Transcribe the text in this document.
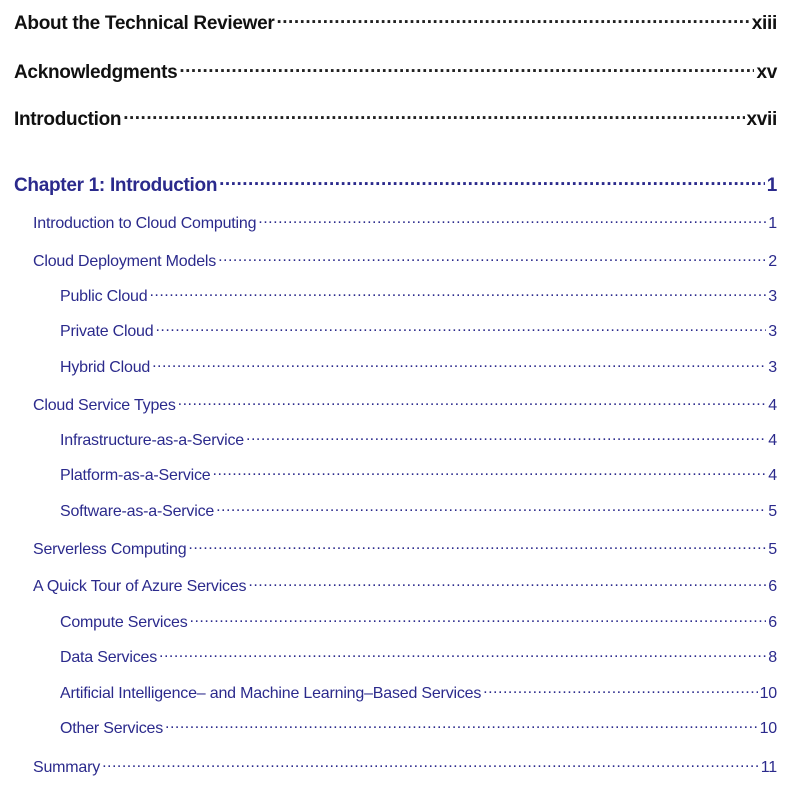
About the Technical Reviewer .....	xiii
Acknowledgments .....	xv
Introduction .....	xvii
Chapter 1: Introduction .....	1
Introduction to Cloud Computing .....	1
Cloud Deployment Models .....	2
Public Cloud .....	3
Private Cloud .....	3
Hybrid Cloud .....	3
Cloud Service Types .....	4
Infrastructure-as-a-Service .....	4
Platform-as-a-Service .....	4
Software-as-a-Service .....	5
Serverless Computing .....	5
A Quick Tour of Azure Services .....	6
Compute Services .....	6
Data Services .....	8
Artificial Intelligence– and Machine Learning–Based Services .....	10
Other Services .....	10
Summary .....	11
